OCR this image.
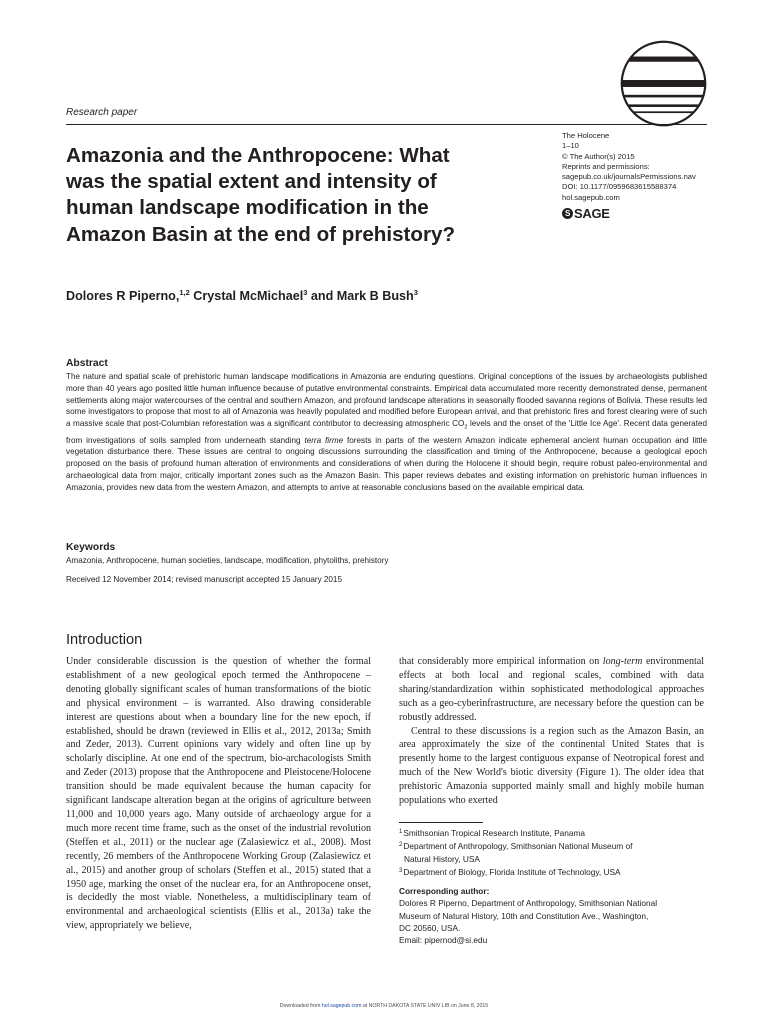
Research paper
The Holocene
1–10
© The Author(s) 2015
Reprints and permissions:
sagepub.co.uk/journalsPermissions.nav
DOI: 10.1177/0959683615588374
hol.sagepub.com
S SAGE
Amazonia and the Anthropocene: What
was the spatial extent and intensity of
human landscape modification in the
Amazon Basin at the end of prehistory?
Dolores R Piperno,$^{1,2}$ Crystal McMichael$^3$ and Mark B Bush$^3$
Abstract

The nature and spatial scale of prehistoric human landscape modifications in Amazonia are enduring questions. Original conceptions of the issues by archaeologists published more than 40 years ago posited little human influence because of putative environmental constraints. Empirical data accumulated more recently demonstrated dense, permanent settlements along major watercourses of the central and southern Amazon, and profound landscape alterations in seasonally flooded savanna regions of Bolivia. These results led some investigators to propose that most to all of Amazonia was heavily populated and modified before European arrival, and that prehistoric fires and forest clearing were of such a massive scale that post-Columbian reforestation was a significant contributor to decreasing atmospheric $CO_2$ levels and the onset of the 'Little Ice Age'. Recent data generated from investigations of soils sampled from underneath standing terra firme forests in parts of the western Amazon indicate ephemeral ancient human occupation and little vegetation disturbance there. These issues are central to ongoing discussions surrounding the classification and timing of the Anthropocene, because a geological epoch proposed on the basis of profound human alteration of environments and considerations of when during the Holocene it should begin, require robust paleo-environmental and archaeological data from major, critically important zones such as the Amazon Basin. This paper reviews debates and existing information on prehistoric human influences in Amazonia, provides new data from the western Amazon, and attempts to arrive at reasonable conclusions based on the available empirical data.

Keywords

Amazonia, Anthropocene, human societies, landscape, modification, phytoliths, prehistory

Received 12 November 2014; revised manuscript accepted 15 January 2015
Introduction

Under considerable discussion is the question of whether the formal establishment of a new geological epoch termed the Anthropocene – denoting globally significant scales of human transformations of the biotic and physical environment – is warranted. Also drawing considerable interest are questions about when a boundary line for the new epoch, if established, should be drawn (reviewed in Ellis et al., 2012, 2013a; Smith and Zeder, 2013). Current opinions vary widely and often line up by scholarly discipline. At one end of the spectrum, bio-archacologists Smith and Zeder (2013) propose that the Anthropocene and Pleistocene/Holocene transition should be made equivalent because the human capacity for significant landscape alteration began at the origins of agriculture between 11,000 and 10,000 years ago. Many outside of archaeology argue for a much more recent time frame, such as the onset of the industrial revolution (Steffen et al., 2011) or the nuclear age (Zalasiewicz et al., 2008). Most recently, 26 members of the Anthropocene Working Group (Zalasiewicz et al., 2015) and another group of scholars (Steffen et al., 2015) stated that a 1950 age, marking the onset of the nuclear era, for an Anthropocene onset, is decidedly the most viable. Nonetheless, a multidisciplinary team of environmental and archaeological scientists (Ellis et al., 2013a) take the view, appropriately we believe,

that considerably more empirical information on long-term environmental effects at both local and regional scales, combined with data sharing/standardization within sophisticated methodological approaches such as a geo-cyberinfrastructure, are necessary before the question can be robustly addressed.

Central to these discussions is a region such as the Amazon Basin, an area approximately the size of the continental United States that is presently home to the largest contiguous expanse of Neotropical forest and much of the New World's biotic diversity (Figure 1). The older idea that prehistoric Amazonia supported mainly small and highly mobile human populations who exerted

$^1$Smithsonian Tropical Research Institute, Panama
$^2$Department of Anthropology, Smithsonian National Museum of
Natural History, USA
$^3$Department of Biology, Florida Institute of Technology, USA
Corresponding author:
Dolores R Piperno, Department of Anthropology, Smithsonian National
Museum of Natural History, 10th and Constitution Ave., Washington,
DC 20560, USA.
Email: pipernod@si.edu
Downloaded from hol.sagepub.com at NORTH DAKOTA STATE UNIV LIB on June 8, 2015
